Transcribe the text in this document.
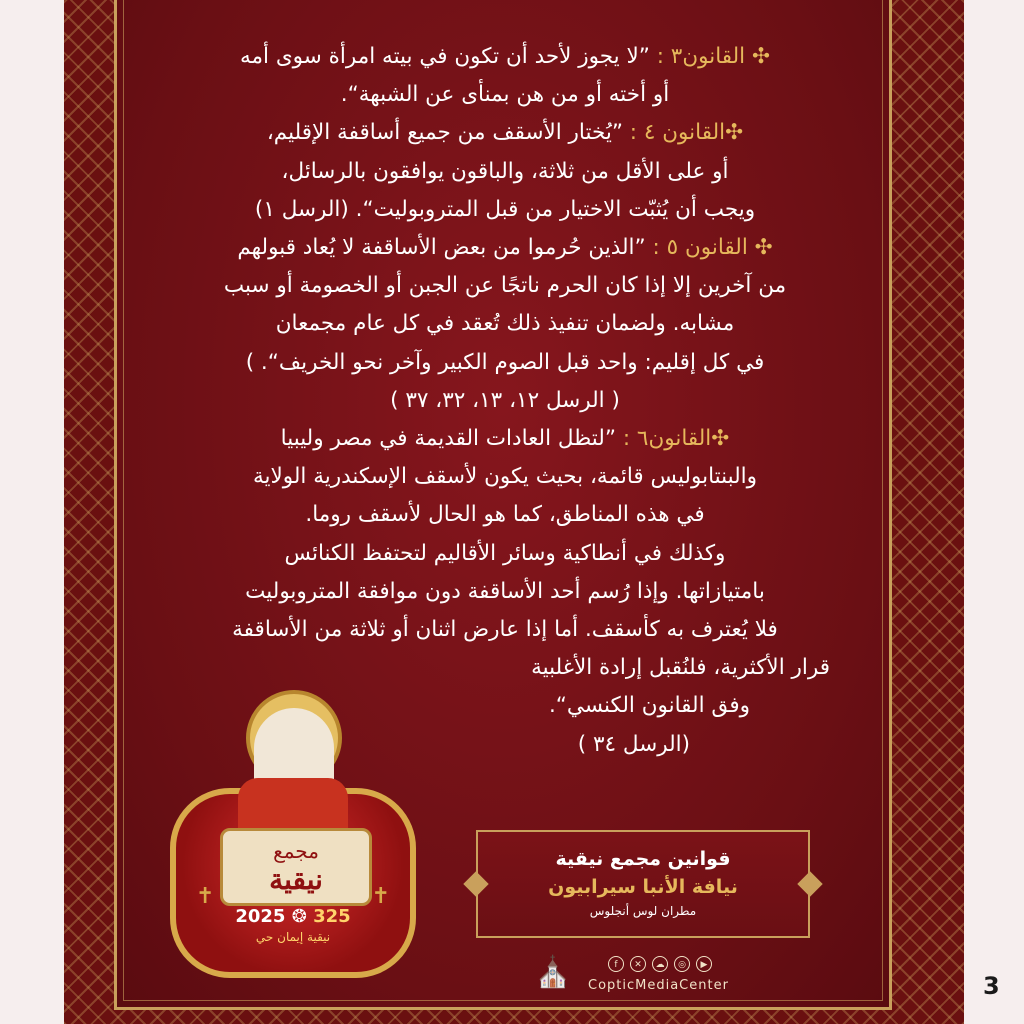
✣ القانون٣ : ”لا يجوز لأحد أن تكون في بيته امرأة سوى أمه
أو أخته أو من هن بمنأى عن الشبهة“.
✣القانون ٤ : ”يُختار الأسقف من جميع أساقفة الإقليم،
أو على الأقل من ثلاثة، والباقون يوافقون بالرسائل،
ويجب أن يُثبّت الاختيار من قبل المتروبوليت“. (الرسل ١)
✣ القانون ٥ : ”الذين حُرموا من بعض الأساقفة لا يُعاد قبولهم
من آخرين إلا إذا كان الحرم ناتجًا عن الجبن أو الخصومة أو سبب
مشابه. ولضمان تنفيذ ذلك تُعقد في كل عام مجمعان
في كل إقليم: واحد قبل الصوم الكبير وآخر نحو الخريف“. )
( الرسل ١٢، ١٣، ٣٢، ٣٧ )
✣القانون٦ : ”لتظل العادات القديمة في مصر وليبيا
والبنتابوليس قائمة، بحيث يكون لأسقف الإسكندرية الولاية
في هذه المناطق، كما هو الحال لأسقف روما.
وكذلك في أنطاكية وسائر الأقاليم لتحتفظ الكنائس
بامتيازاتها. وإذا رُسم أحد الأساقفة دون موافقة المتروبوليت
فلا يُعترف به كأسقف. أما إذا عارض اثنان أو ثلاثة من الأساقفة
قرار الأكثرية، فلنُقبل إرادة الأغلبية
وفق القانون الكنسي“.
(الرسل ٣٤ )
✝	✝
مجمع
نيقية
2025 ❂ 325
نيقية إيمان حي
قوانين مجمع نيقية
نيافة الأنبا سيرابيون
مطران لوس أنجلوس
⛪	f	✕	☁	◎	▶
CopticMediaCenter	3
